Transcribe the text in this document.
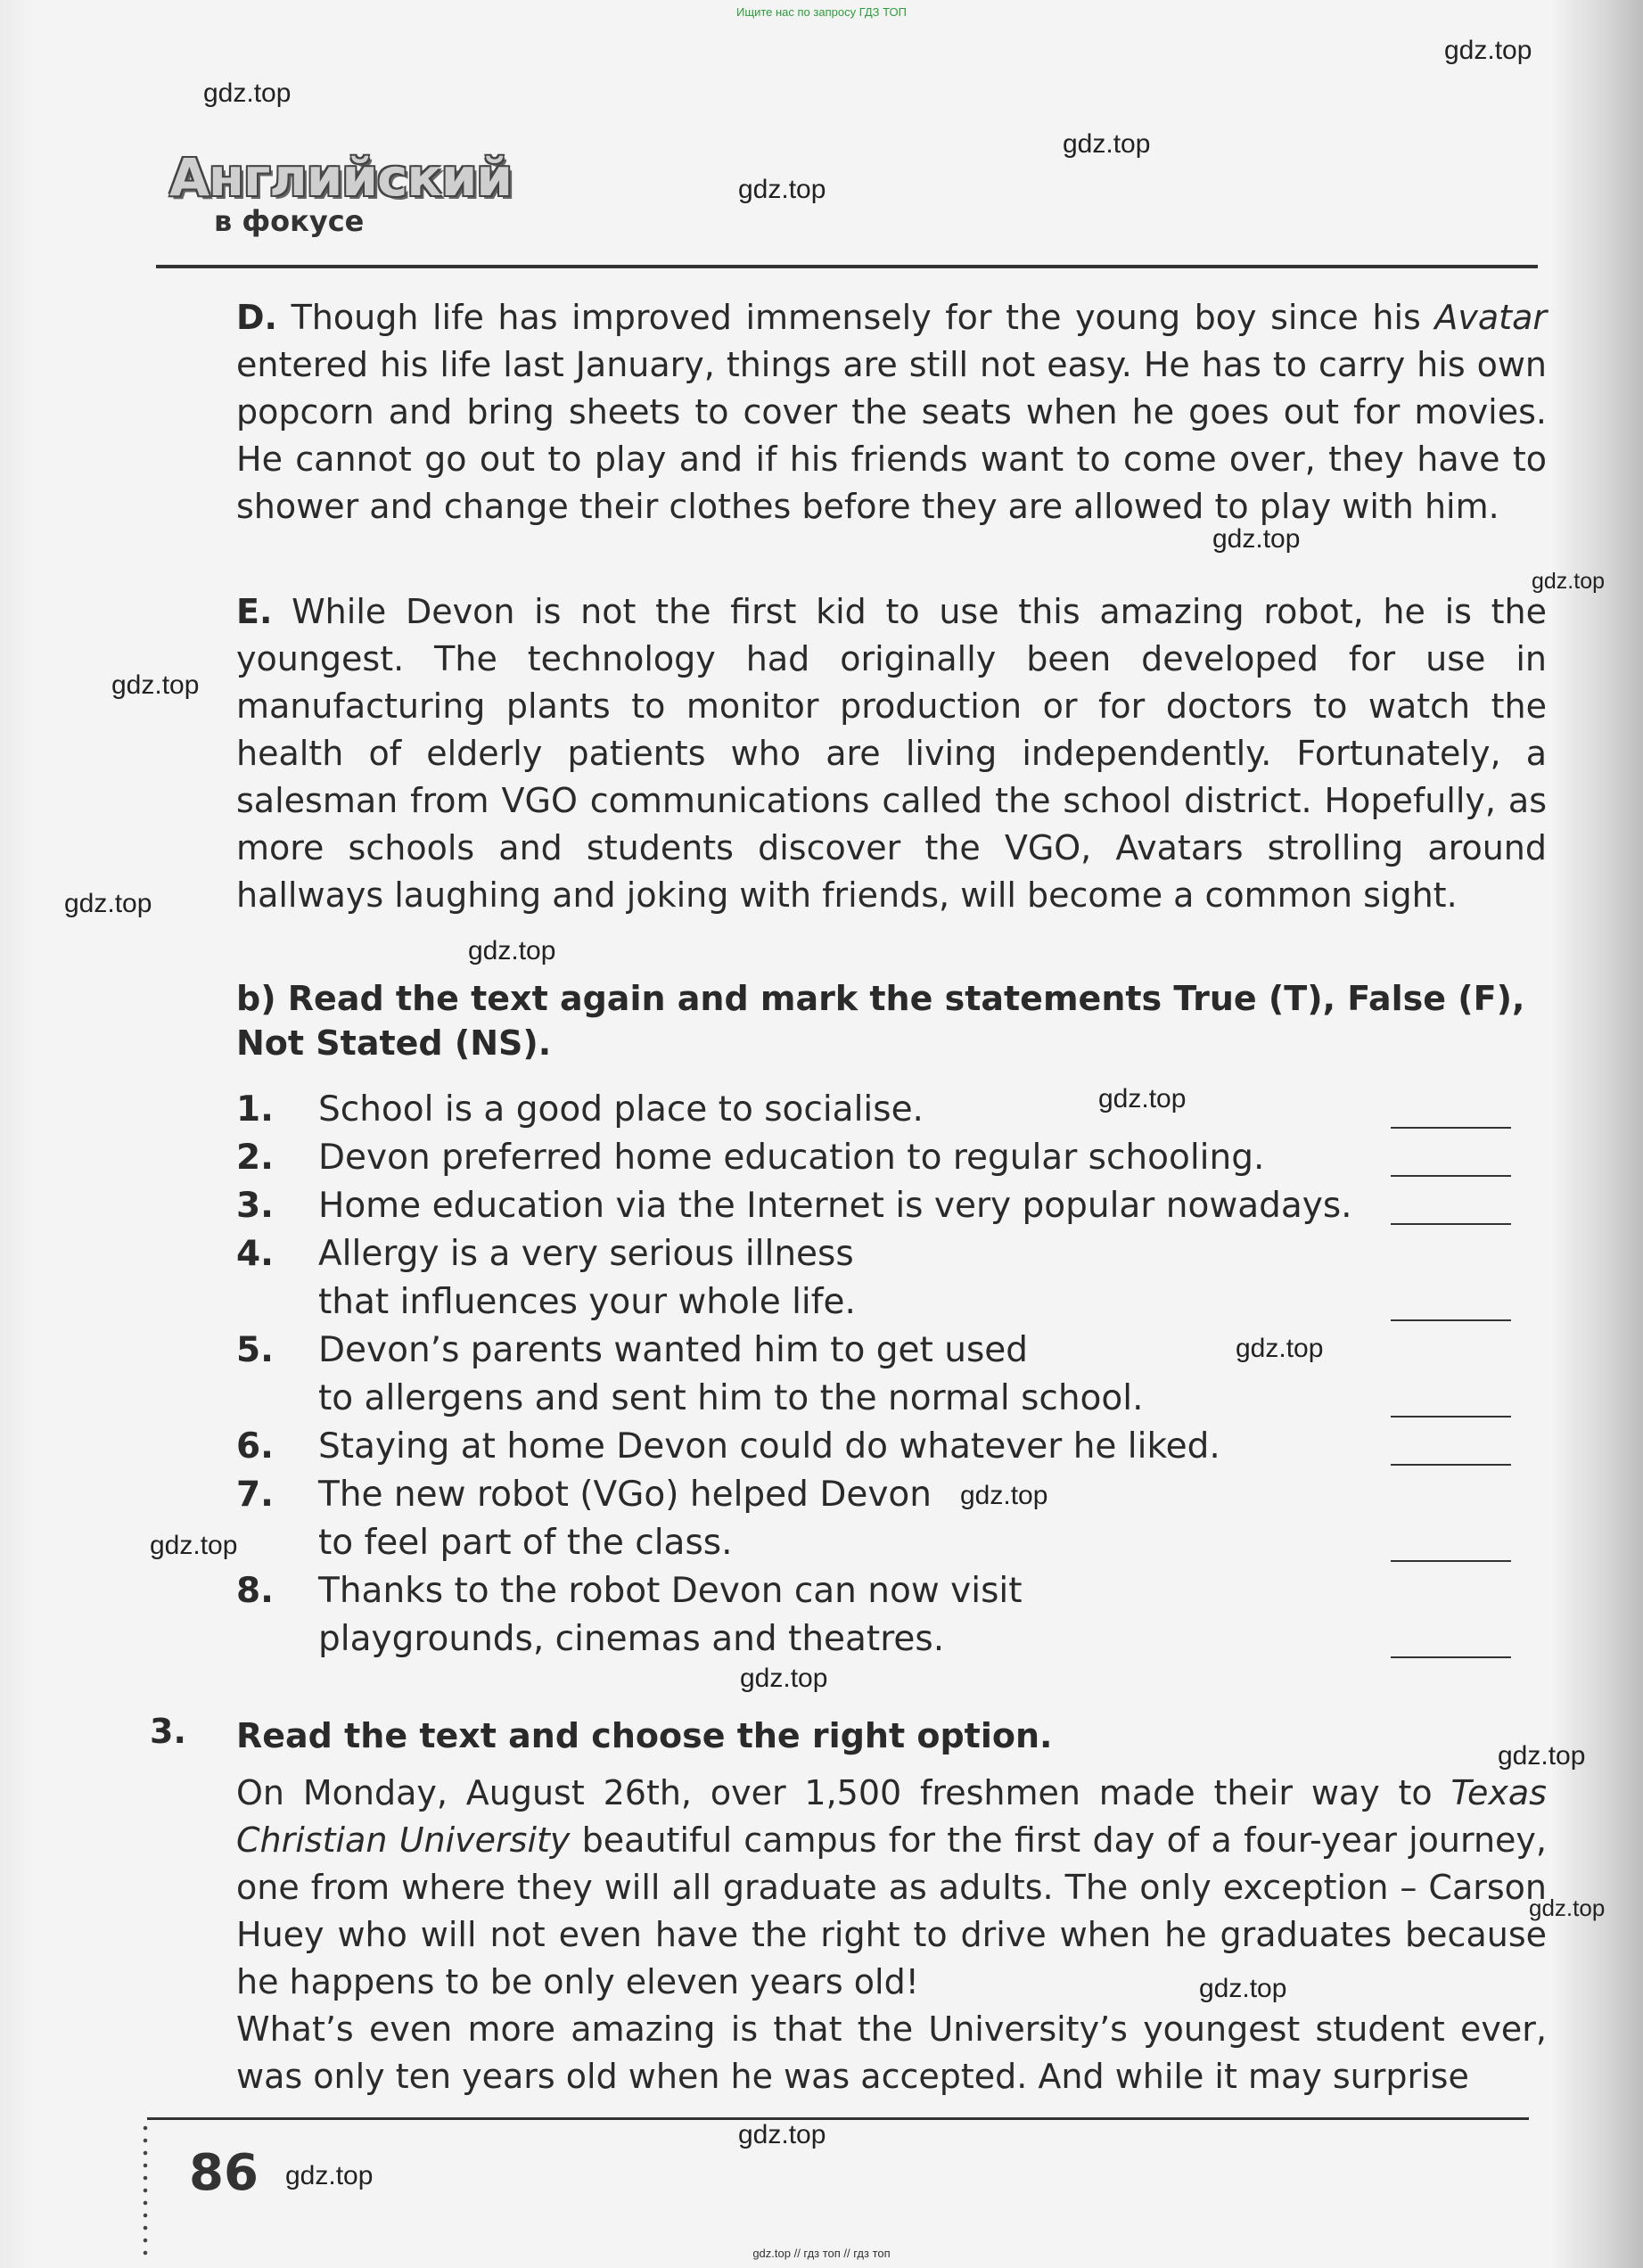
Ищите нас по запросу ГДЗ ТОП
Английский
в фокусе

D. Though life has improved immensely for the young boy since his Avatar entered his life last January, things are still not easy. He has to carry his own popcorn and bring sheets to cover the seats when he goes out for movies. He cannot go out to play and if his friends want to come over, they have to shower and change their clothes before they are allowed to play with him.

E. While Devon is not the first kid to use this amazing robot, he is the youngest. The technology had originally been developed for use in manufacturing plants to monitor production or for doctors to watch the health of elderly patients who are living independently. Fortunately, a salesman from VGO communications called the school district. Hopefully, as more schools and students discover the VGO, Avatars strolling around hallways laughing and joking with friends, will become a common sight.

b) Read the text again and mark the statements True (T), False (F), Not Stated (NS).
1. School is a good place to socialise.
2. Devon preferred home education to regular schooling.
3. Home education via the Internet is very popular nowadays.
4. Allergy is a very serious illness
that influences your whole life.
5. Devon’s parents wanted him to get used
to allergens and sent him to the normal school.
6. Staying at home Devon could do whatever he liked.
7. The new robot (VGo) helped Devon
to feel part of the class.
8. Thanks to the robot Devon can now visit
playgrounds, cinemas and theatres.
3. Read the text and choose the right option.

On Monday, August 26th, over 1,500 freshmen made their way to Texas Christian University beautiful campus for the first day of a four-year journey, one from where they will all graduate as adults. The only exception – Carson Huey who will not even have the right to drive when he graduates because he happens to be only eleven years old!

What’s even more amazing is that the University’s youngest student ever, was only ten years old when he was accepted. And while it may surprise

86
gdz.top
gdz.top
gdz.top
gdz.top
gdz.top
gdz.top
gdz.top
gdz.top
gdz.top
gdz.top
gdz.top
gdz.top
gdz.top
gdz.top
gdz.top
gdz.top
gdz.top
gdz.top
gdz.top
gdz.top // гдз топ // гдз топ
